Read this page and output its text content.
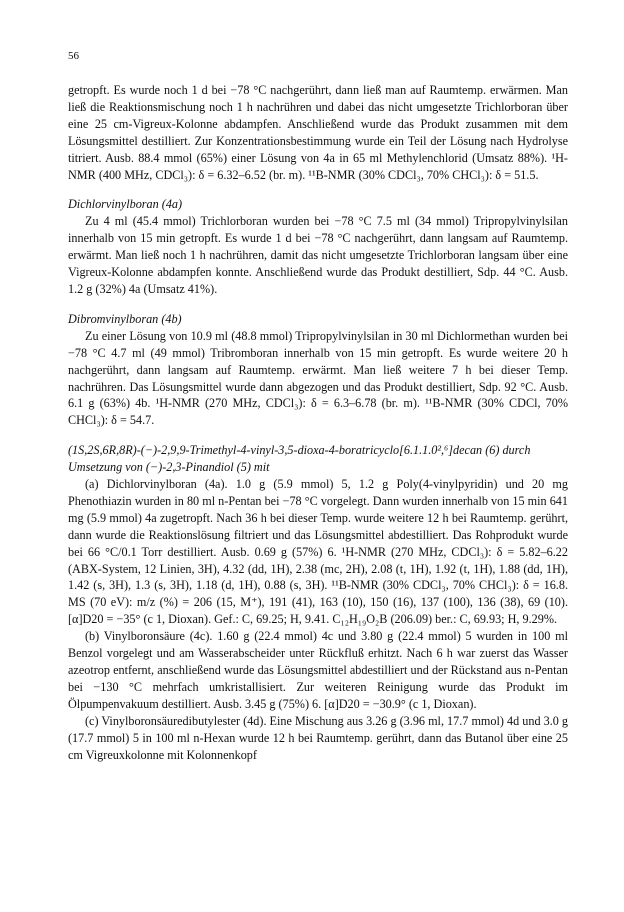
56

getropft. Es wurde noch 1 d bei −78 °C nachgerührt, dann ließ man auf Raumtemp. erwärmen. Man ließ die Reaktionsmischung noch 1 h nachrühren und dabei das nicht umgesetzte Trichlorboran über eine 25 cm-Vigreux-Kolonne abdampfen. Anschließend wurde das Produkt zusammen mit dem Lösungsmittel destilliert. Zur Konzentrationsbestimmung wurde ein Teil der Lösung nach Hydrolyse titriert. Ausb. 88.4 mmol (65%) einer Lösung von 4a in 65 ml Methylenchlorid (Umsatz 88%). ¹H-NMR (400 MHz, CDCl₃): δ = 6.32–6.52 (br. m). ¹¹B-NMR (30% CDCl₃, 70% CHCl₃): δ = 51.5.

Dichlorvinylboran (4a)

Zu 4 ml (45.4 mmol) Trichlorboran wurden bei −78 °C 7.5 ml (34 mmol) Tripropylvinylsilan innerhalb von 15 min getropft. Es wurde 1 d bei −78 °C nachgerührt, dann langsam auf Raumtemp. erwärmt. Man ließ noch 1 h nachrühren, damit das nicht umgesetzte Trichlorboran langsam über eine Vigreux-Kolonne abdampfen konnte. Anschließend wurde das Produkt destilliert, Sdp. 44 °C. Ausb. 1.2 g (32%) 4a (Umsatz 41%).

Dibromvinylboran (4b)

Zu einer Lösung von 10.9 ml (48.8 mmol) Tripropylvinylsilan in 30 ml Dichlormethan wurden bei −78 °C 4.7 ml (49 mmol) Tribromboran innerhalb von 15 min getropft. Es wurde weitere 20 h nachgerührt, dann langsam auf Raumtemp. erwärmt. Man ließ weitere 7 h bei dieser Temp. nachrühren. Das Lösungsmittel wurde dann abgezogen und das Produkt destilliert, Sdp. 92 °C. Ausb. 6.1 g (63%) 4b. ¹H-NMR (270 MHz, CDCl₃): δ = 6.3–6.78 (br. m). ¹¹B-NMR (30% CDCl, 70% CHCl₃): δ = 54.7.

(1S,2S,6R,8R)-(−)-2,9,9-Trimethyl-4-vinyl-3,5-dioxa-4-boratricyclo[6.1.1.0²,⁶]decan (6) durch Umsetzung von (−)-2,3-Pinandiol (5) mit

(a) Dichlorvinylboran (4a). 1.0 g (5.9 mmol) 5, 1.2 g Poly(4-vinylpyridin) und 20 mg Phenothiazin wurden in 80 ml n-Pentan bei −78 °C vorgelegt. Dann wurden innerhalb von 15 min 641 mg (5.9 mmol) 4a zugetropft. Nach 36 h bei dieser Temp. wurde weitere 12 h bei Raumtemp. gerührt, dann wurde die Reaktionslösung filtriert und das Lösungsmittel abdestilliert. Das Rohprodukt wurde bei 66 °C/0.1 Torr destilliert. Ausb. 0.69 g (57%) 6. ¹H-NMR (270 MHz, CDCl₃): δ = 5.82–6.22 (ABX-System, 12 Linien, 3H), 4.32 (dd, 1H), 2.38 (mc, 2H), 2.08 (t, 1H), 1.92 (t, 1H), 1.88 (dd, 1H), 1.42 (s, 3H), 1.3 (s, 3H), 1.18 (d, 1H), 0.88 (s, 3H). ¹¹B-NMR (30% CDCl₃, 70% CHCl₃): δ = 16.8. MS (70 eV): m/z (%) = 206 (15, M⁺), 191 (41), 163 (10), 150 (16), 137 (100), 136 (38), 69 (10). [α]D20 = −35° (c 1, Dioxan). Gef.: C, 69.25; H, 9.41. C₁₂H₁₉O₂B (206.09) ber.: C, 69.93; H, 9.29%.

(b) Vinylboronsäure (4c). 1.60 g (22.4 mmol) 4c und 3.80 g (22.4 mmol) 5 wurden in 100 ml Benzol vorgelegt und am Wasserabscheider unter Rückfluß erhitzt. Nach 6 h war zuerst das Wasser azeotrop entfernt, anschließend wurde das Lösungsmittel abdestilliert und der Rückstand aus n-Pentan bei −130 °C mehrfach umkristallisiert. Zur weiteren Reinigung wurde das Produkt im Ölpumpenvakuum destilliert. Ausb. 3.45 g (75%) 6. [α]D20 = −30.9° (c 1, Dioxan).

(c) Vinylboronsäuredibutylester (4d). Eine Mischung aus 3.26 g (3.96 ml, 17.7 mmol) 4d und 3.0 g (17.7 mmol) 5 in 100 ml n-Hexan wurde 12 h bei Raumtemp. gerührt, dann das Butanol über eine 25 cm Vigreuxkolonne mit Kolonnenkopf
